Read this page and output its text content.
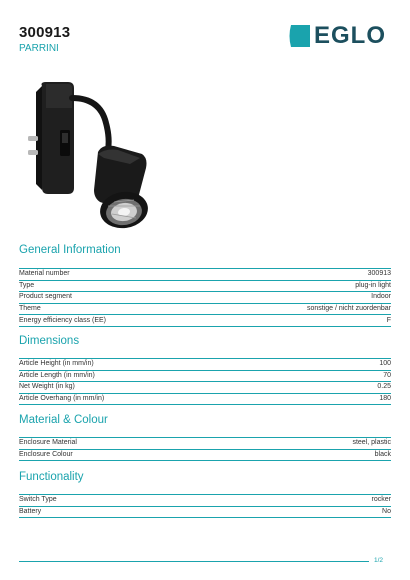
300913
PARRINI	EGLO
General Information
Material number	300913
Type	plug-in light
Product segment	Indoor
Theme	sonstige / nicht zuordenbar
Energy efficiency class (EE)	F
Dimensions
Article Height (in mm/in)	100
Article Length (in mm/in)	70
Net Weight (in kg)	0.25
Article Overhang (in mm/in)	180
Material & Colour
Enclosure Material	steel, plastic
Enclosure Colour	black
Functionality
Switch Type	rocker
Battery	No
1/2
